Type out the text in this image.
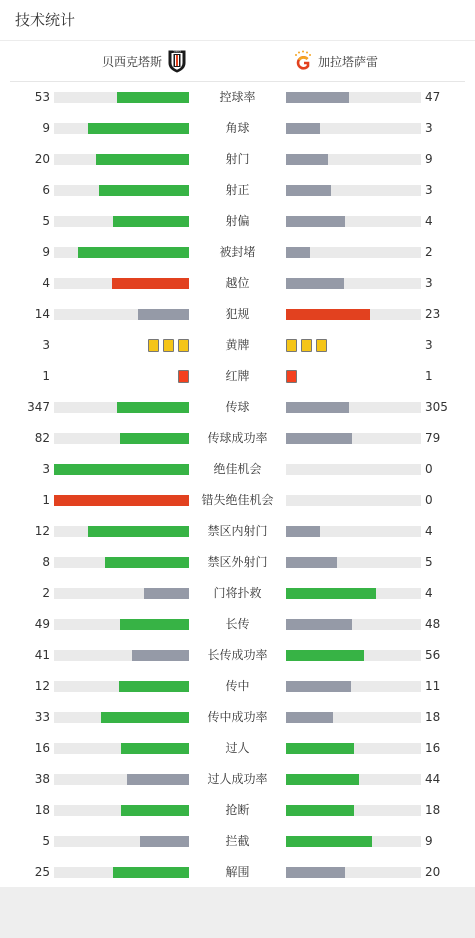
技术统计
贝西克塔斯
1903
加拉塔萨雷
53	控球率	47
9	角球	3
20	射门	9
6	射正	3
5	射偏	4
9	被封堵	2
4	越位	3
14	犯规	23
3	黄牌	3
1	红牌	1
347	传球	305
82	传球成功率	79
3	绝佳机会	0
1	错失绝佳机会	0
12	禁区内射门	4
8	禁区外射门	5
2	门将扑救	4
49	长传	48
41	长传成功率	56
12	传中	11
33	传中成功率	18
16	过人	16
38	过人成功率	44
18	抢断	18
5	拦截	9
25	解围	20
